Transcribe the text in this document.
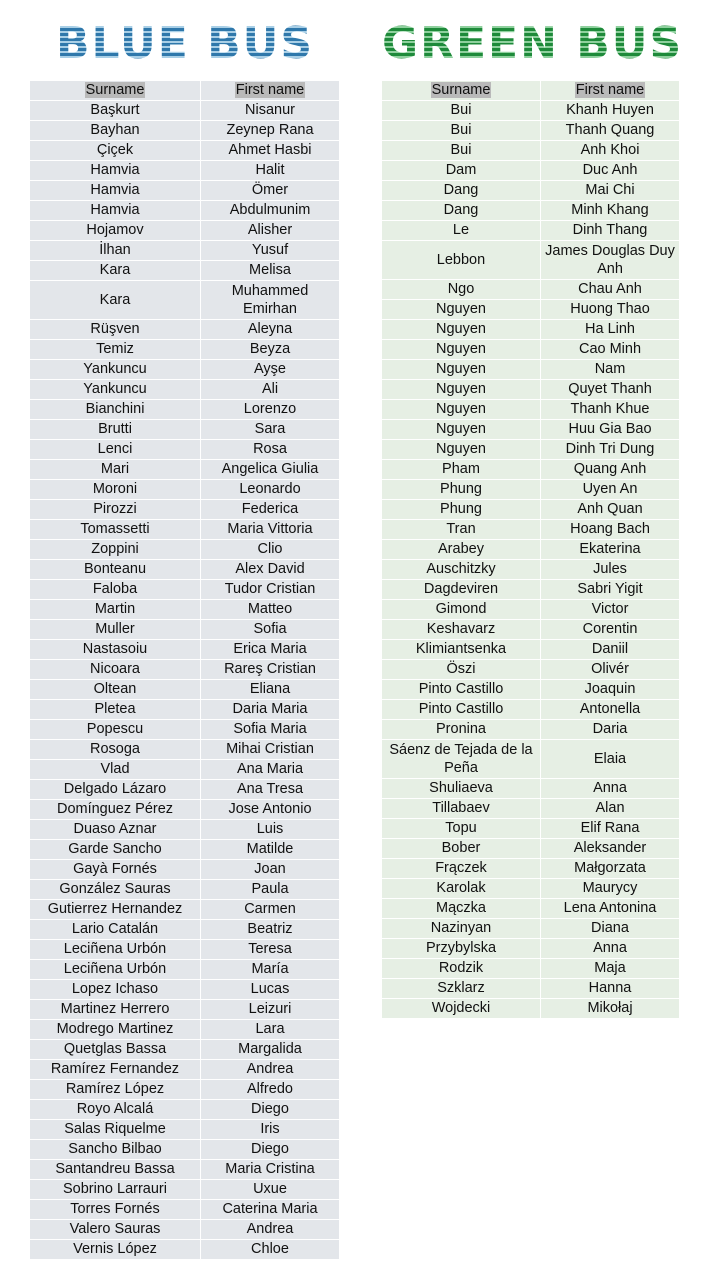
BLUE BUS	GREEN BUS
Surname	First name
Başkurt	Nisanur
Bayhan	Zeynep Rana
Çiçek	Ahmet Hasbi
Hamvia	Halit
Hamvia	Ömer
Hamvia	Abdulmunim
Hojamov	Alisher
İlhan	Yusuf
Kara	Melisa
Kara	Muhammed Emirhan
Rüşven	Aleyna
Temiz	Beyza
Yankuncu	Ayşe
Yankuncu	Ali
Bianchini	Lorenzo
Brutti	Sara
Lenci	Rosa
Mari	Angelica Giulia
Moroni	Leonardo
Pirozzi	Federica
Tomassetti	Maria Vittoria
Zoppini	Clio
Bonteanu	Alex David
Faloba	Tudor Cristian
Martin	Matteo
Muller	Sofia
Nastasoiu	Erica Maria
Nicoara	Rareş Cristian
Oltean	Eliana
Pletea	Daria Maria
Popescu	Sofia Maria
Rosoga	Mihai Cristian
Vlad	Ana Maria
Delgado Lázaro	Ana Tresa
Domínguez Pérez	Jose Antonio
Duaso Aznar	Luis
Garde Sancho	Matilde
Gayà Fornés	Joan
González Sauras	Paula
Gutierrez Hernandez	Carmen
Lario Catalán	Beatriz
Leciñena Urbón	Teresa
Leciñena Urbón	María
Lopez Ichaso	Lucas
Martinez Herrero	Leizuri
Modrego Martinez	Lara
Quetglas Bassa	Margalida
Ramírez Fernandez	Andrea
Ramírez López	Alfredo
Royo Alcalá	Diego
Salas Riquelme	Iris
Sancho Bilbao	Diego
Santandreu Bassa	Maria Cristina
Sobrino Larrauri	Uxue
Torres Fornés	Caterina Maria
Valero Sauras	Andrea
Vernis López	Chloe
Surname	First name
Bui	Khanh Huyen
Bui	Thanh Quang
Bui	Anh Khoi
Dam	Duc Anh
Dang	Mai Chi
Dang	Minh Khang
Le	Dinh Thang
Lebbon	James Douglas Duy Anh
Ngo	Chau Anh
Nguyen	Huong Thao
Nguyen	Ha Linh
Nguyen	Cao Minh
Nguyen	Nam
Nguyen	Quyet Thanh
Nguyen	Thanh Khue
Nguyen	Huu Gia Bao
Nguyen	Dinh Tri Dung
Pham	Quang Anh
Phung	Uyen An
Phung	Anh Quan
Tran	Hoang Bach
Arabey	Ekaterina
Auschitzky	Jules
Dagdeviren	Sabri Yigit
Gimond	Victor
Keshavarz	Corentin
Klimiantsenka	Daniil
Öszi	Olivér
Pinto Castillo	Joaquin
Pinto Castillo	Antonella
Pronina	Daria
Sáenz de Tejada de la Peña	Elaia
Shuliaeva	Anna
Tillabaev	Alan
Topu	Elif Rana
Bober	Aleksander
Frączek	Małgorzata
Karolak	Maurycy
Mączka	Lena Antonina
Nazinyan	Diana
Przybylska	Anna
Rodzik	Maja
Szklarz	Hanna
Wojdecki	Mikołaj
